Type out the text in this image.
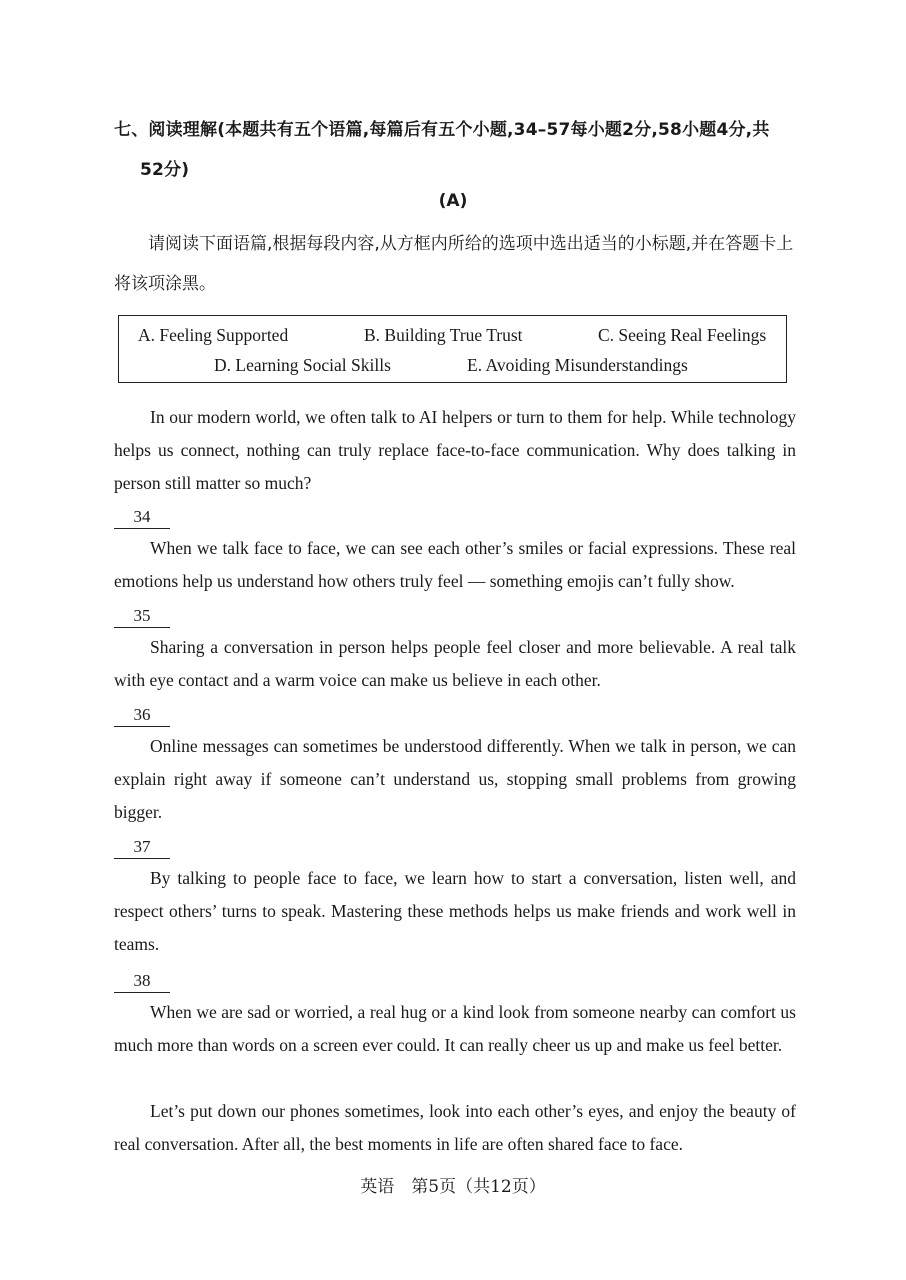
七、阅读理解(本题共有五个语篇,每篇后有五个小题,34–57每小题2分,58小题4分,共
52分)

(A)

请阅读下面语篇,根据每段内容,从方框内所给的选项中选出适当的小标题,并在答题卡上将该项涂黑。

A. Feeling Supported	B. Building True Trust	C. Seeing Real Feelings
D. Learning Social Skills	E. Avoiding Misunderstandings

In our modern world, we often talk to AI helpers or turn to them for help. While technology helps us connect, nothing can truly replace face-to-face communication. Why does talking in person still matter so much?

34

When we talk face to face, we can see each other’s smiles or facial expressions. These real emotions help us understand how others truly feel — something emojis can’t fully show.

35

Sharing a conversation in person helps people feel closer and more believable. A real talk with eye contact and a warm voice can make us believe in each other.

36

Online messages can sometimes be understood differently. When we talk in person, we can explain right away if someone can’t understand us, stopping small problems from growing bigger.

37

By talking to people face to face, we learn how to start a conversation, listen well, and respect others’ turns to speak. Mastering these methods helps us make friends and work well in teams.

38

When we are sad or worried, a real hug or a kind look from someone nearby can comfort us much more than words on a screen ever could. It can really cheer us up and make us feel better.

Let’s put down our phones sometimes, look into each other’s eyes, and enjoy the beauty of real conversation. After all, the best moments in life are often shared face to face.

英语　第5页（共12页）
